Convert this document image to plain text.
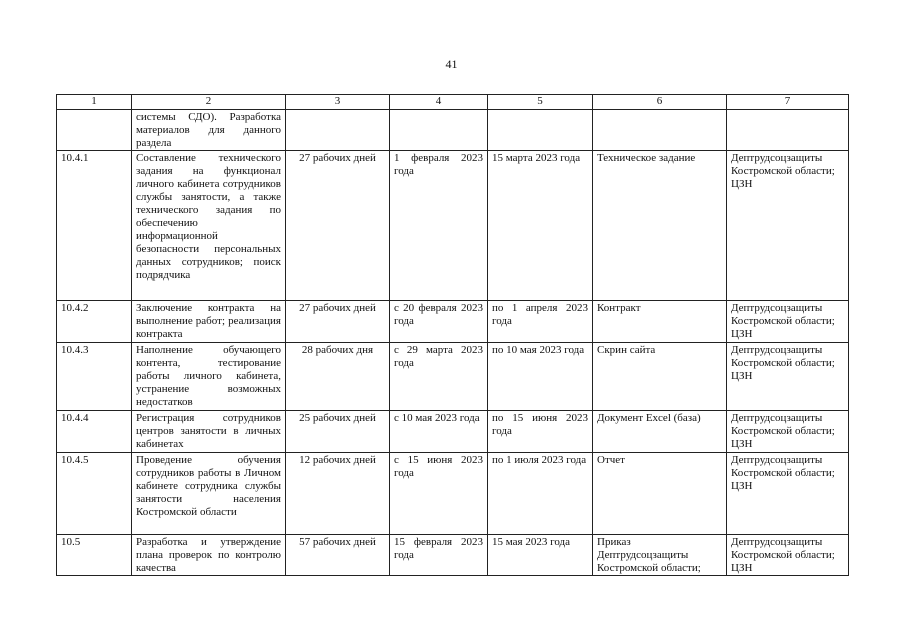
41
1	2	3	4	5	6	7
	системы СДО). Разработка материалов для данного раздела					
10.4.1	Составление технического задания на функционал личного кабинета сотрудников службы занятости, а также технического задания по обеспечению информационной безопасности персональных данных сотрудников; поиск подрядчика	27 рабочих дней	1 февраля 2023 года	15 марта 2023 года	Техническое задание	Дептрудсоцзащиты Костромской области; ЦЗН
10.4.2	Заключение контракта на выполнение работ; реализация контракта	27 рабочих дней	с 20 февраля 2023 года	по 1 апреля 2023 года	Контракт	Дептрудсоцзащиты Костромской области; ЦЗН
10.4.3	Наполнение обучающего контента, тестирование работы личного кабинета, устранение возможных недостатков	28 рабочих дня	с 29 марта 2023 года	по 10 мая 2023 года	Скрин сайта	Дептрудсоцзащиты Костромской области; ЦЗН
10.4.4	Регистрация сотрудников центров занятости в личных кабинетах	25 рабочих дней	с 10 мая 2023 года	по 15 июня 2023 года	Документ Excel (база)	Дептрудсоцзащиты Костромской области; ЦЗН
10.4.5	Проведение обучения сотрудников работы в Личном кабинете сотрудника службы занятости населения Костромской области	12 рабочих дней	с 15 июня 2023 года	по 1 июля 2023 года	Отчет	Дептрудсоцзащиты Костромской области; ЦЗН
10.5	Разработка и утверждение плана проверок по контролю качества	57 рабочих дней	15 февраля 2023 года	15 мая 2023 года	Приказ Дептрудсоцзащиты Костромской области;	Дептрудсоцзащиты Костромской области; ЦЗН
